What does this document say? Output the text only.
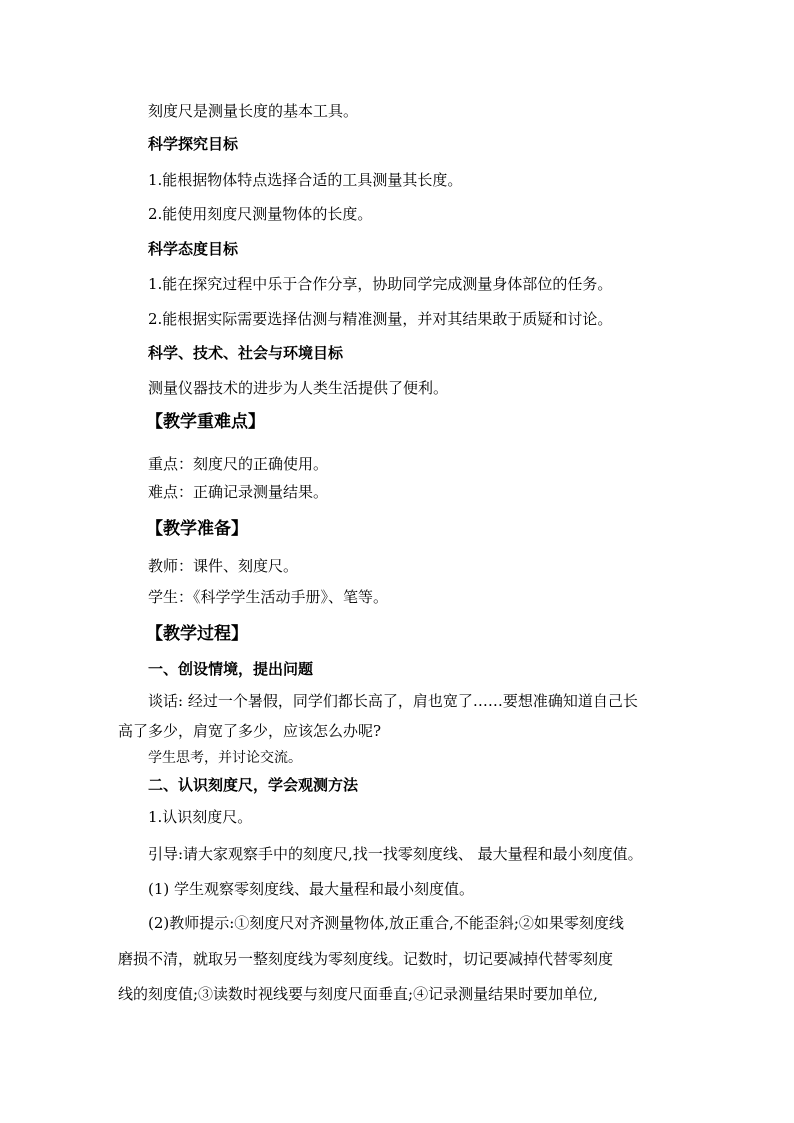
刻度尺是测量长度的基本工具。
科学探究目标
1.能根据物体特点选择合适的工具测量其长度。
2.能使用刻度尺测量物体的长度。
科学态度目标
1.能在探究过程中乐于合作分享，协助同学完成测量身体部位的任务。
2.能根据实际需要选择估测与精准测量，并对其结果敢于质疑和讨论。
科学、技术、社会与环境目标
测量仪器技术的进步为人类生活提供了便利。
【教学重难点】
重点：刻度尺的正确使用。
难点：正确记录测量结果。
【教学准备】
教师：课件、刻度尺。
学生：《科学学生活动手册》、笔等。
【教学过程】
一、创设情境，提出问题
谈话: 经过一个暑假，同学们都长高了，肩也宽了……要想准确知道自己长
高了多少，肩宽了多少，应该怎么办呢?
学生思考，并讨论交流。
二、认识刻度尺，学会观测方法
1.认识刻度尺。
引导:请大家观察手中的刻度尺,找一找零刻度线、 最大量程和最小刻度值。
(1) 学生观察零刻度线、最大量程和最小刻度值。
(2)教师提示:①刻度尺对齐测量物体,放正重合,不能歪斜;②如果零刻度线
磨损不清，就取另一整刻度线为零刻度线。记数时，切记要减掉代替零刻度
线的刻度值;③读数时视线要与刻度尺面垂直;④记录测量结果时要加单位,
